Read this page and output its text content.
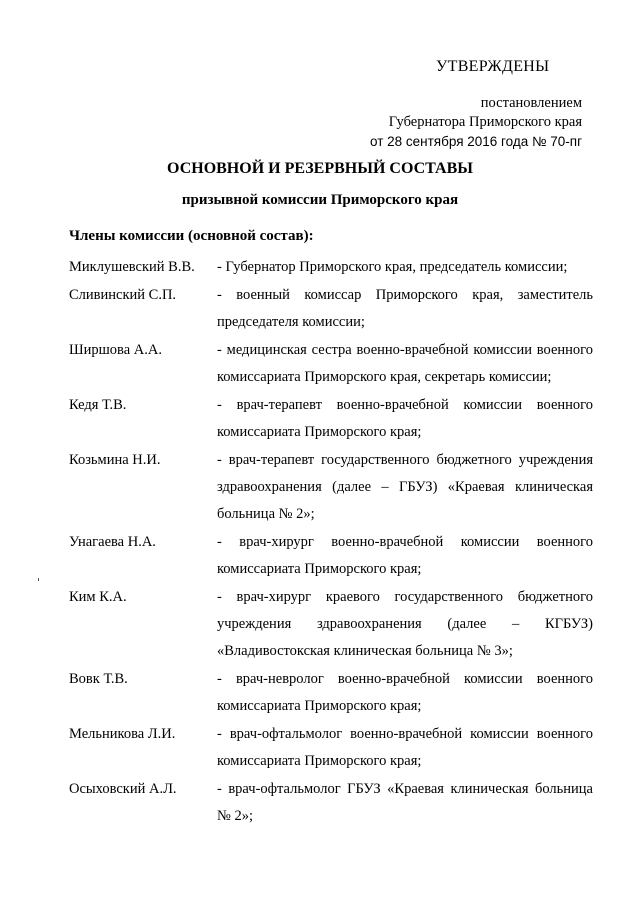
УТВЕРЖДЕНЫ
постановлением
Губернатора Приморского края
от 28 сентября 2016 года № 70-пг
ОСНОВНОЙ И РЕЗЕРВНЫЙ СОСТАВЫ
призывной комиссии Приморского края
Члены комиссии (основной состав):
Миклушевский В.В. - Губернатор Приморского края, председатель комиссии;
Сливинский С.П.	- военный комиссар Приморского края, заместитель председателя комиссии;
Ширшова А.А.	- медицинская сестра военно-врачебной комиссии военного комиссариата Приморского края, секретарь комиссии;
Кедя Т.В.	- врач-терапевт военно-врачебной комиссии военного комиссариата Приморского края;
Козьмина Н.И.	- врач-терапевт государственного бюджетного учреждения здравоохранения (далее – ГБУЗ) «Краевая клиническая больница № 2»;
Унагаева Н.А.	- врач-хирург военно-врачебной комиссии военного комиссариата Приморского края;
Ким К.А.	- врач-хирург краевого государственного бюджетного учреждения здравоохранения (далее – КГБУЗ) «Владивостокская клиническая больница № 3»;
Вовк Т.В.	- врач-невролог военно-врачебной комиссии военного комиссариата Приморского края;
Мельникова Л.И.	- врач-офтальмолог военно-врачебной комиссии военного комиссариата Приморского края;
Осыховский А.Л.	- врач-офтальмолог ГБУЗ «Краевая клиническая больница № 2»;
